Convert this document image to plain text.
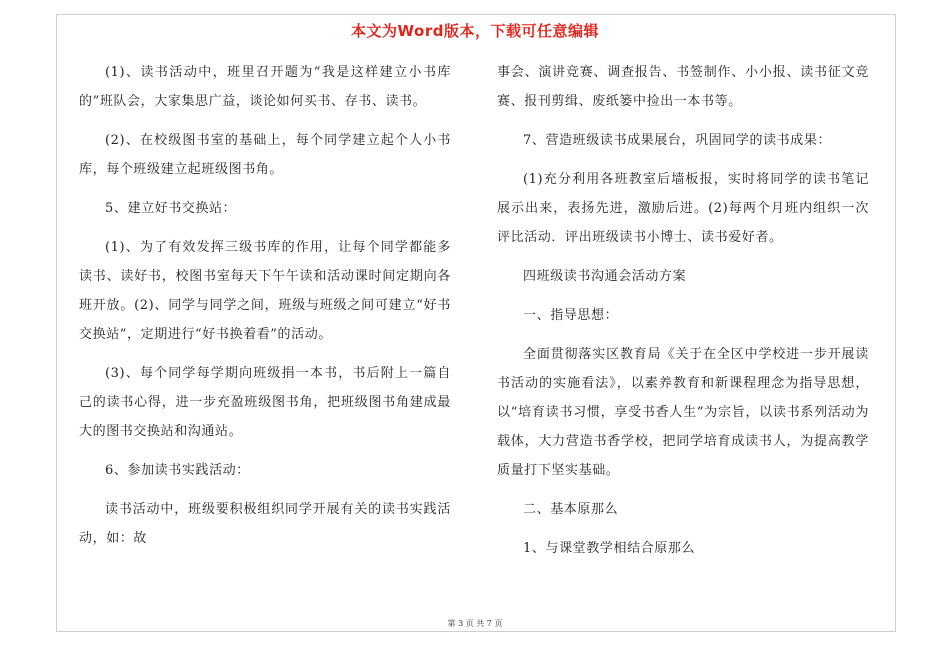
本文为Word版本，下载可任意编辑

(1)、读书活动中，班里召开题为“我是这样建立小书库的”班队会，大家集思广益，谈论如何买书、存书、读书。

(2)、在校级图书室的基础上，每个同学建立起个人小书库，每个班级建立起班级图书角。

5、建立好书交换站：

(1)、为了有效发挥三级书库的作用，让每个同学都能多读书、读好书，校图书室每天下午午读和活动课时间定期向各班开放。(2)、同学与同学之间，班级与班级之间可建立“好书交换站”，定期进行“好书换着看”的活动。

(3)、每个同学每学期向班级捐一本书，书后附上一篇自己的读书心得，进一步充盈班级图书角，把班级图书角建成最大的图书交换站和沟通站。

6、参加读书实践活动：

读书活动中，班级要积极组织同学开展有关的读书实践活动，如：故

事会、演讲竞赛、调查报告、书签制作、小小报、读书征文竞赛、报刊剪缉、废纸篓中捡出一本书等。

7、营造班级读书成果展台，巩固同学的读书成果：

(1)充分利用各班教室后墙板报，实时将同学的读书笔记展示出来，表扬先进，激励后进。(2)每两个月班内组织一次评比活动．评出班级读书小博士、读书爱好者。

四班级读书沟通会活动方案

一、指导思想：

全面贯彻落实区教育局《关于在全区中学校进一步开展读书活动的实施看法》，以素养教育和新课程理念为指导思想，以“培育读书习惯，享受书香人生”为宗旨，以读书系列活动为载体，大力营造书香学校，把同学培育成读书人，为提高教学质量打下坚实基础。

二、基本原那么

1、与课堂教学相结合原那么

第 3 页 共 7 页
